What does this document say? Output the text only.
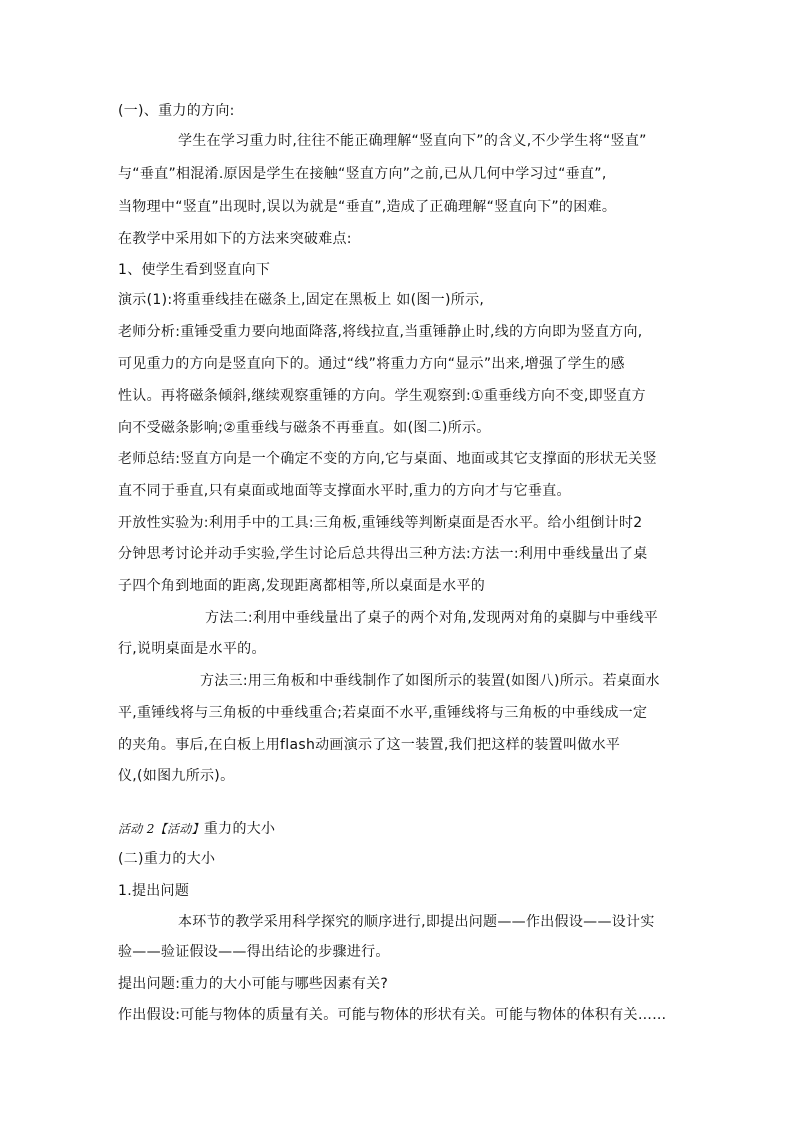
(一)、重力的方向:
学生在学习重力时,往往不能正确理解“竖直向下”的含义,不少学生将“竖直”
与“垂直”相混淆.原因是学生在接触“竖直方向”之前,已从几何中学习过“垂直”,
当物理中“竖直”出现时,误以为就是“垂直”,造成了正确理解“竖直向下”的困难。
在教学中采用如下的方法来突破难点:
1、使学生看到竖直向下
演示(1):将重垂线挂在磁条上,固定在黑板上 如(图一)所示,
老师分析:重锤受重力要向地面降落,将线拉直,当重锤静止时,线的方向即为竖直方向,
可见重力的方向是竖直向下的。通过“线”将重力方向“显示”出来,增强了学生的感
性认。再将磁条倾斜,继续观察重锤的方向。学生观察到:①重垂线方向不变,即竖直方
向不受磁条影响;②重垂线与磁条不再垂直。如(图二)所示。
老师总结:竖直方向是一个确定不变的方向,它与桌面、地面或其它支撑面的形状无关竖
直不同于垂直,只有桌面或地面等支撑面水平时,重力的方向才与它垂直。
开放性实验为:利用手中的工具:三角板,重锤线等判断桌面是否水平。给小组倒计时2
分钟思考讨论并动手实验,学生讨论后总共得出三种方法:方法一:利用中垂线量出了桌
子四个角到地面的距离,发现距离都相等,所以桌面是水平的
方法二:利用中垂线量出了桌子的两个对角,发现两对角的桌脚与中垂线平
行,说明桌面是水平的。
方法三:用三角板和中垂线制作了如图所示的装置(如图八)所示。若桌面水
平,重锤线将与三角板的中垂线重合;若桌面不水平,重锤线将与三角板的中垂线成一定
的夹角。事后,在白板上用flash动画演示了这一装置,我们把这样的装置叫做水平
仪,(如图九所示)。
活动 2【活动】重力的大小
(二)重力的大小
1.提出问题
本环节的教学采用科学探究的顺序进行,即提出问题——作出假设——设计实
验——验证假设——得出结论的步骤进行。
提出问题:重力的大小可能与哪些因素有关?
作出假设:可能与物体的质量有关。可能与物体的形状有关。可能与物体的体积有关……
